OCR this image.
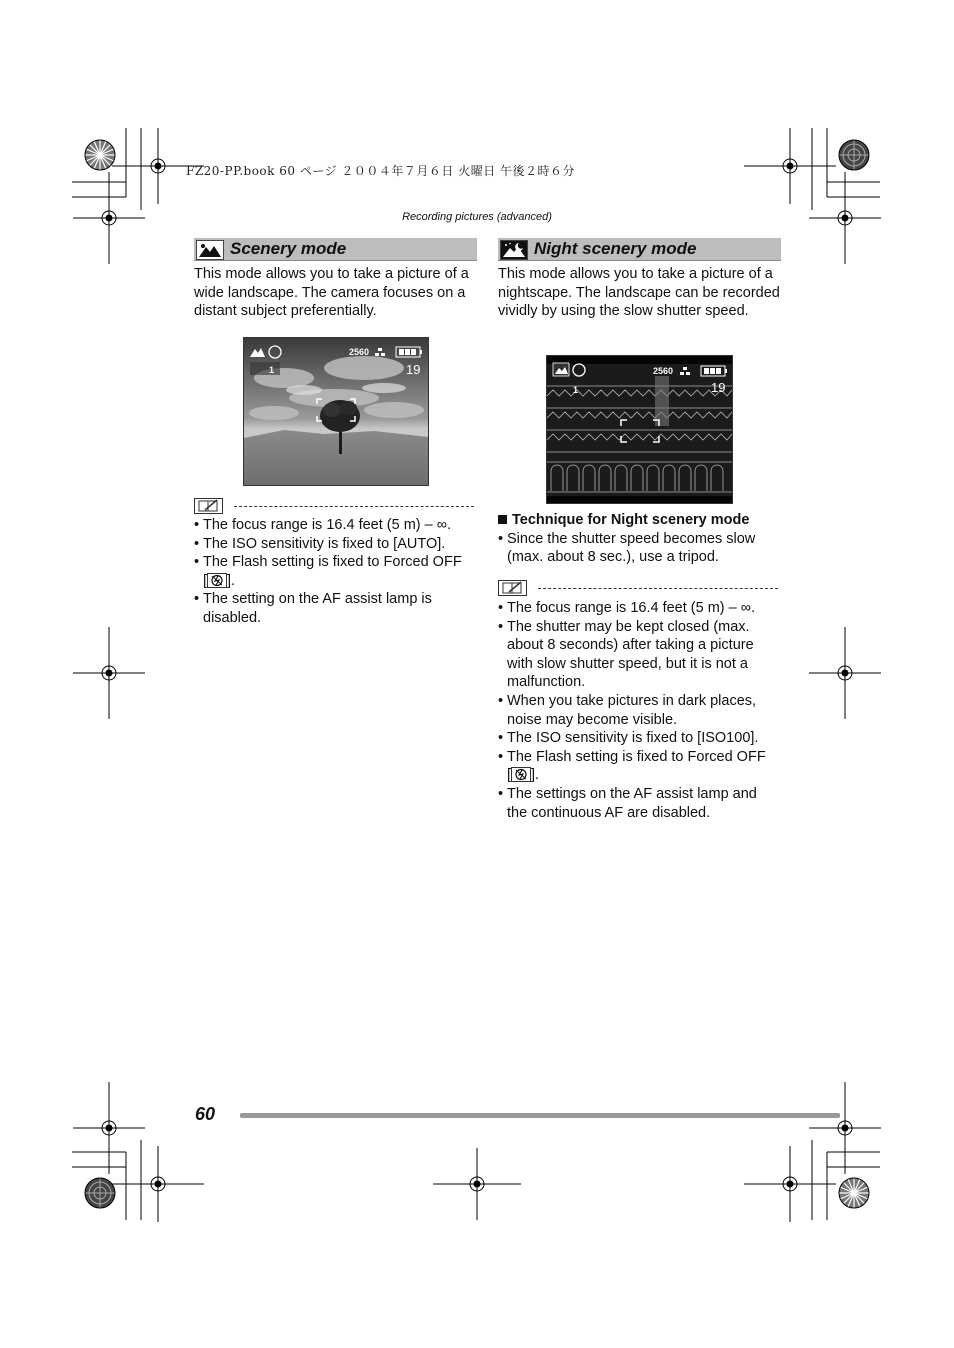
FZ20-PP.book 60 ページ ２００４年７月６日 火曜日 午後２時６分
Recording pictures (advanced)
Scenery mode
This mode allows you to take a picture of a wide landscape. The camera focuses on a distant subject preferentially.
2560
1	19
• The focus range is 16.4 feet (5 m) – ∞.
• The ISO sensitivity is fixed to [AUTO].
• The Flash setting is fixed to Forced OFF
[ ].
• The setting on the AF assist lamp is disabled.
Night scenery mode
This mode allows you to take a picture of a nightscape. The landscape can be recorded vividly by using the slow shutter speed.
2560
1	19
Technique for Night scenery mode
• Since the shutter speed becomes slow (max. about 8 sec.), use a tripod.
• The focus range is 16.4 feet (5 m) – ∞.
• The shutter may be kept closed (max. about 8 seconds) after taking a picture with slow shutter speed, but it is not a malfunction.
• When you take pictures in dark places, noise may become visible.
• The ISO sensitivity is fixed to [ISO100].
• The Flash setting is fixed to Forced OFF
[ ].
• The settings on the AF assist lamp and the continuous AF are disabled.
60
